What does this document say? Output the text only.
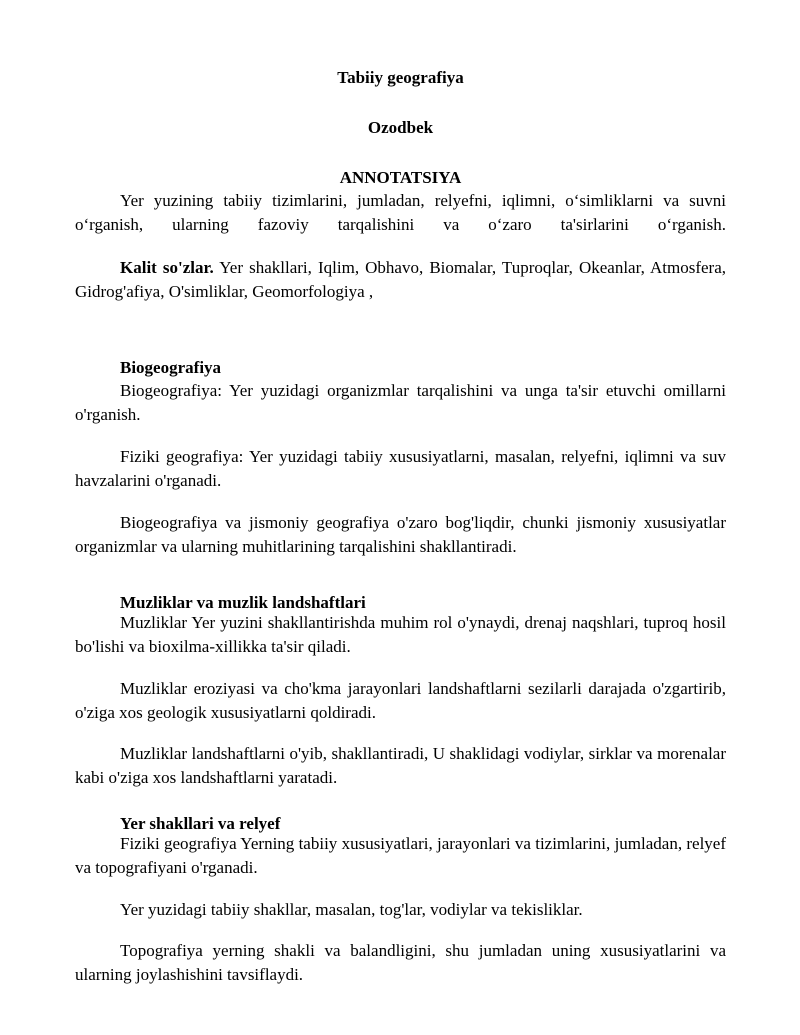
Tabiiy geografiya
Ozodbek
ANNOTATSIYA
Yer yuzining tabiiy tizimlarini, jumladan, relyefni, iqlimni, o‘simliklarni va suvni o‘rganish, ularning fazoviy tarqalishini va o‘zaro ta'sirlarini o‘rganish.
Kalit so'zlar. Yer shakllari, Iqlim, Obhavo, Biomalar, Tuproqlar, Okeanlar, Atmosfera, Gidrog'afiya, O'simliklar, Geomorfologiya ,
Biogeografiya
Biogeografiya: Yer yuzidagi organizmlar tarqalishini va unga ta'sir etuvchi omillarni o'rganish.
Fiziki geografiya: Yer yuzidagi tabiiy xususiyatlarni, masalan, relyefni, iqlimni va suv havzalarini o'rganadi.
Biogeografiya va jismoniy geografiya o'zaro bog'liqdir, chunki jismoniy xususiyatlar organizmlar va ularning muhitlarining tarqalishini shakllantiradi.
Muzliklar va muzlik landshaftlari
Muzliklar Yer yuzini shakllantirishda muhim rol o'ynaydi, drenaj naqshlari, tuproq hosil bo'lishi va bioxilma-xillikka ta'sir qiladi.
Muzliklar eroziyasi va cho'kma jarayonlari landshaftlarni sezilarli darajada o'zgartirib, o'ziga xos geologik xususiyatlarni qoldiradi.
Muzliklar landshaftlarni o'yib, shakllantiradi, U shaklidagi vodiylar, sirklar va morenalar kabi o'ziga xos landshaftlarni yaratadi.
Yer shakllari va relyef
Fiziki geografiya Yerning tabiiy xususiyatlari, jarayonlari va tizimlarini, jumladan, relyef va topografiyani o'rganadi.
Yer yuzidagi tabiiy shakllar, masalan, tog'lar, vodiylar va tekisliklar.
Topografiya yerning shakli va balandligini, shu jumladan uning xususiyatlarini va ularning joylashishini tavsiflaydi.
